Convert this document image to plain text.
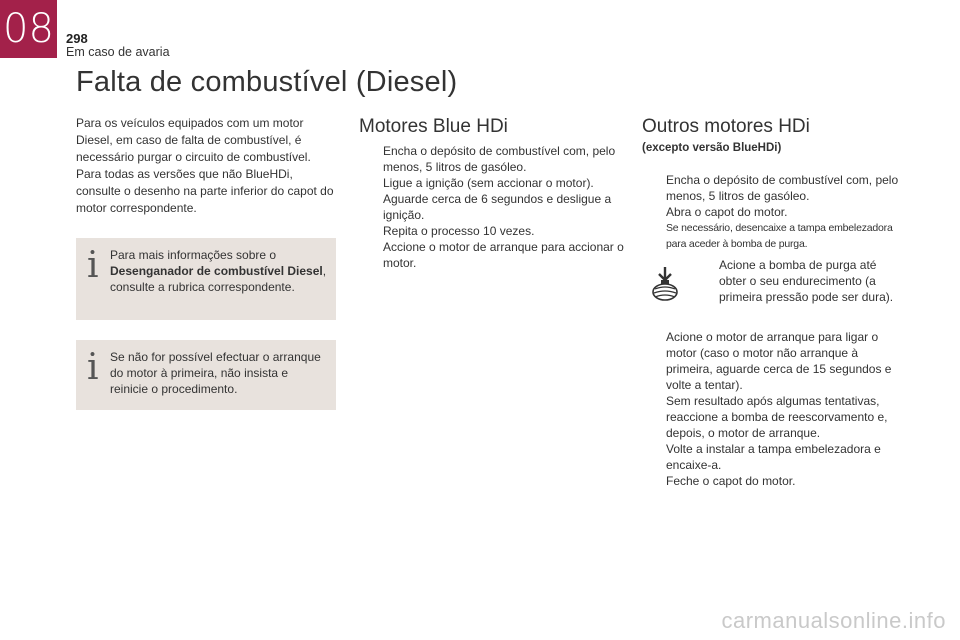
08 298
Em caso de avaria
Falta de combustível (Diesel)

Para os veículos equipados com um motor Diesel, em caso de falta de combustível, é necessário purgar o circuito de combustível. Para todas as versões que não BlueHDi, consulte o desenho na parte inferior do capot do motor correspondente.

i Para mais informações sobre o Desenganador de combustível Diesel, consulte a rubrica correspondente.

i Se não for possível efectuar o arranque do motor à primeira, não insista e reinicie o procedimento.

Motores Blue HDi
Encha o depósito de combustível com, pelo menos, 5 litros de gasóleo.
Ligue a ignição (sem accionar o motor).
Aguarde cerca de 6 segundos e desligue a ignição.
Repita o processo 10 vezes.
Accione o motor de arranque para accionar o motor.
Outros motores HDi
(excepto versão BlueHDi)
Encha o depósito de combustível com, pelo menos, 5 litros de gasóleo.
Abra o capot do motor.
Se necessário, desencaixe a tampa embelezadora para aceder à bomba de purga.
Acione a bomba de purga até obter o seu endurecimento (a primeira pressão pode ser dura).
Acione o motor de arranque para ligar o motor (caso o motor não arranque à primeira, aguarde cerca de 15 segundos e volte a tentar).
Sem resultado após algumas tentativas, reaccione a bomba de reescorvamento e, depois, o motor de arranque.
Volte a instalar a tampa embelezadora e encaixe-a.
Feche o capot do motor.
carmanualsonline.info
